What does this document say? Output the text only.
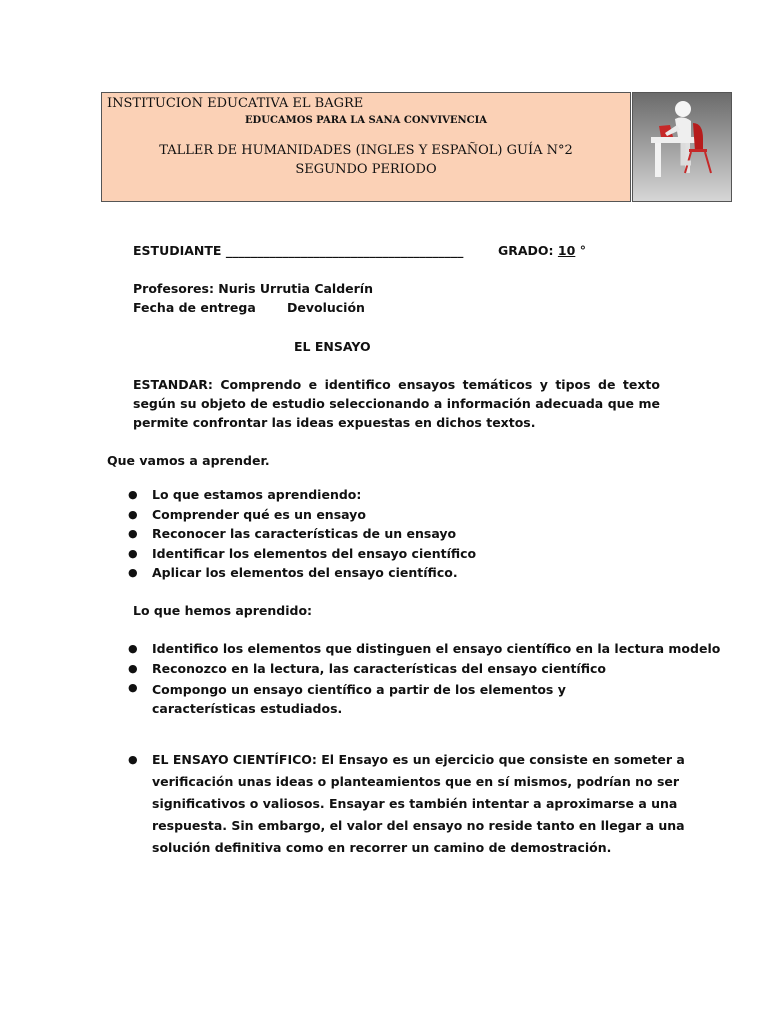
INSTITUCION EDUCATIVA EL BAGRE
EDUCAMOS PARA LA SANA CONVIVENCIA
TALLER DE HUMANIDADES (INGLES Y ESPAÑOL) GUÍA N°2
SEGUNDO PERIODO
ESTUDIANTE ______________________________________	GRADO: 10 °
Profesores: Nuris Urrutia Calderín
Fecha de entrega Devolución
EL ENSAYO
ESTANDAR: Comprendo e identifico ensayos temáticos y tipos de texto según su objeto de estudio seleccionando a información adecuada que me permite confrontar las ideas expuestas en dichos textos.
Que vamos a aprender.
● Lo que estamos aprendiendo:
● Comprender qué es un ensayo
● Reconocer las características de un ensayo
● Identificar los elementos del ensayo científico
● Aplicar los elementos del ensayo científico.
Lo que hemos aprendido:
● Identifico los elementos que distinguen el ensayo científico en la lectura modelo
● Reconozco en la lectura, las características del ensayo científico
● Compongo un ensayo científico a partir de los elementos y características estudiados.
● EL ENSAYO CIENTÍFICO: El Ensayo es un ejercicio que consiste en someter a
verificación unas ideas o planteamientos que en sí mismos, podrían no ser
significativos o valiosos. Ensayar es también intentar a aproximarse a una
respuesta. Sin embargo, el valor del ensayo no reside tanto en llegar a una
solución definitiva como en recorrer un camino de demostración.
